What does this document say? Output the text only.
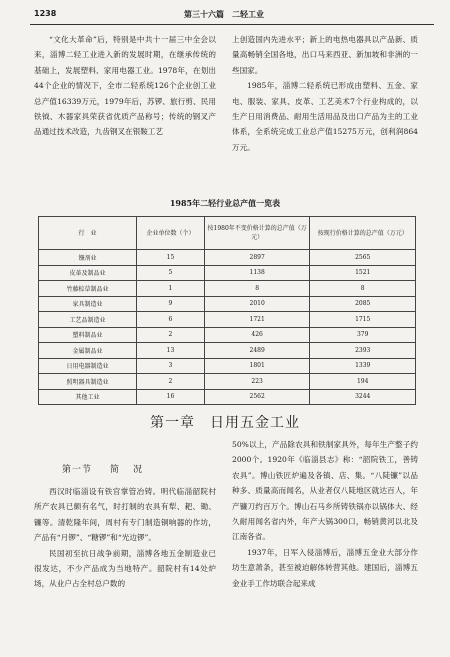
1238	第三十六篇　二轻工业

“文化大革命”后，特别是中共十一届三中全会以来，淄博二轻工业进入新的发展时期，在继承传统的基础上，发展塑料、家用电器工业。1978年，在划出44个企业的情况下，全市二轻系统126个企业创工业总产值16339万元，1979年后，苏锣、旅行剪、民用铁钺、木器家具荣获省优质产品称号；传统的钢叉产品通过技术改造，九齿钢叉在银鞍工艺

上创造国内先进水平；新上的电热电器具以产品新、质量高畅销全国各地，出口马来西亚、新加坡和非洲的一些国家。

1985年，淄博二轻系统已形成由塑料、五金、家电、服装、家具、皮革、工艺美术7个行业构成的，以生产日用消费品、耐用生活用品及出口产品为主的工业体系，全系统完成工业总产值15275万元，创利润864万元。

1985年二轻行业总产值一览表
行　业	企业单位数（个）	按1980年不变价格计算的总产值（万元）	按现行价格计算的总产值（万元）
镪剂业	15	2897	2565
皮革及制品业	5	1138	1521
竹藤棕草制品业	1	8	8
家具制造业	9	2010	2085
工艺品制造业	6	1721	1715
塑料制品业	2	426	379
金属制品业	13	2489	2393
日用电器制造业	3	1801	1339
照明器具制造业	2	223	194
其他工业	16	2562	3244
第一章　日用五金工业
第一节 简况

西汉时临淄设有铁官掌管冶铸。明代临淄韶院村所产农具已颇有名气，时打制的农具有犁、耙、锄、镰等。清乾隆年间，周村有专门制造铜响器的作坊，产品有“月锣”、“糖锣”和“光边锣”。

民国初至抗日战争前期，淄博各地五金制造业已很发达，不少产品成为当地特产。韶院村有14处炉场，从业户占全村总户数的

50%以上，产品除农具和铁制家具外，每年生产整子约2000个。1920年《临淄县志》称：“韶院铁工，善铸农具”。博山铁匠炉遍及各镇、店、集。“八陡镰”以品种多、质量高而闻名，从业者仅八陡地区就达百人，年产镰刀约百万个。博山石马乡所铸铁锅亦以锅体大、经久耐用闻名省内外，年产大锅300口，畅销黄河以北及江南各省。

1937年，日军入侵淄博后，淄博五金业大部分作坊生意萧条，甚至被迫解体转营其他。建国后，淄博五金业手工作坊联合起来成
